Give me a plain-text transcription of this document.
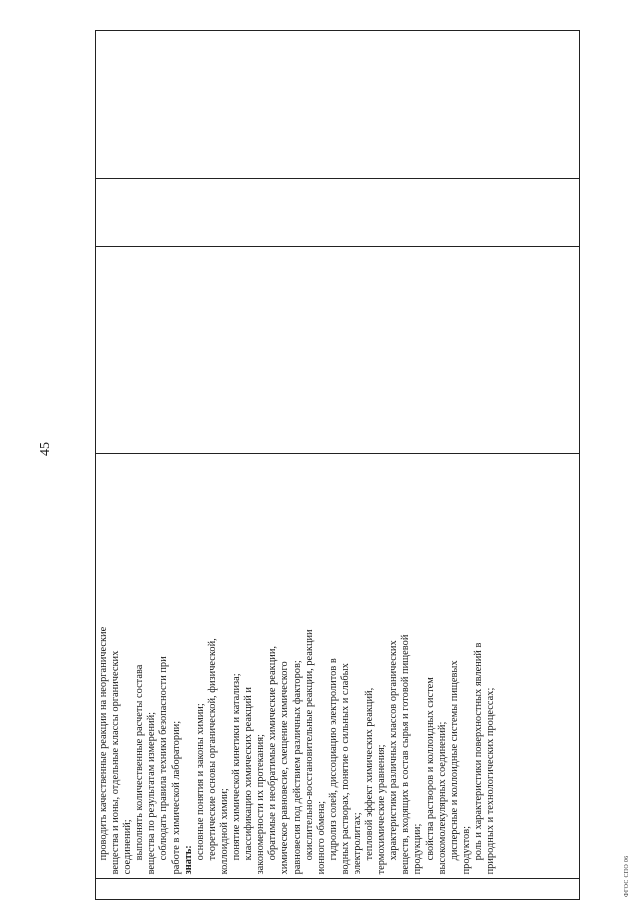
45

проводить качественные реакции на неорганические вещества и ионы, отдельные классы органических соединений; выполнять количественные расчеты состава вещества по результатам измерений; соблюдать правила техники безопасности при работе в химической лаборатории; знать: основные понятия и законы химии; теоретические основы органической, физической, коллоидной химии; понятие химической кинетики и катализа; классификацию химических реакций и закономерности их протекания; обратимые и необратимые химические реакции, химическое равновесие, смещение химического равновесия под действием различных факторов; окислительно-восстановительные реакции, реакции ионного обмена; гидролиз солей, диссоциацию электролитов в водных растворах, понятие о сильных и слабых электролитах; тепловой эффект химических реакций, термохимические уравнения; характеристики различных классов органических веществ, входящих в состав сырья и готовой пищевой продукции; свойства растворов и коллоидных систем высокомолекулярных соединений; дисперсные и коллоидные системы пищевых продуктов; роль и характеристики поверхностных явлений в природных и технологических процессах;

ФГОС СПО 06
